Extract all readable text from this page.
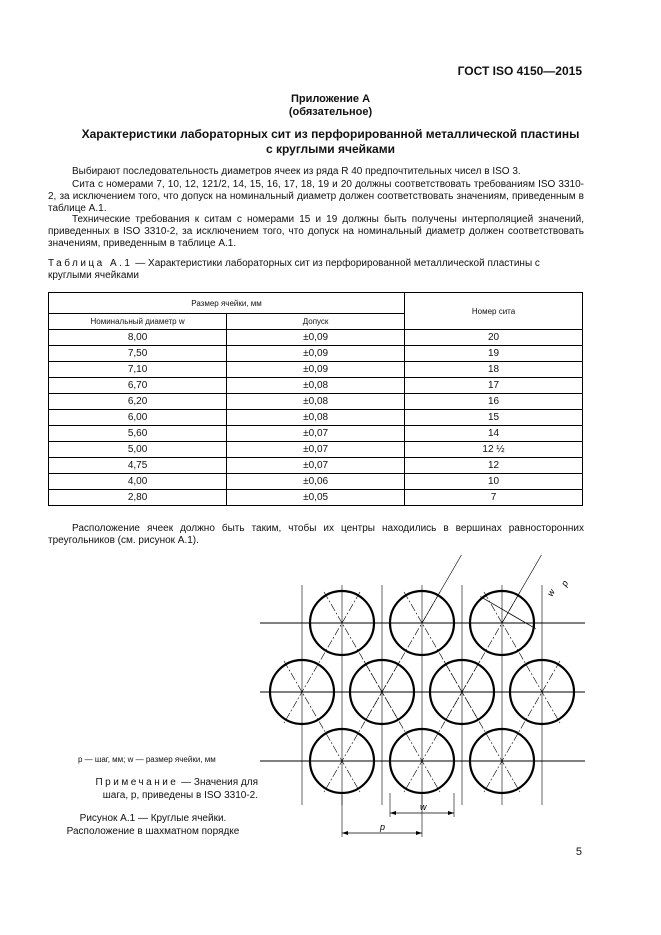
ГОСТ ISO 4150—2015
Приложение А
(обязательное)
Характеристики лабораторных сит из перфорированной металлической пластины
с круглыми ячейками
Выбирают последовательность диаметров ячеек из ряда R 40 предпочтительных чисел в ISO 3.
Сита с номерами 7, 10, 12, 121/2, 14, 15, 16, 17, 18, 19 и 20 должны соответствовать требованиям ISO 3310-2, за исключением того, что допуск на номинальный диаметр должен соответствовать значениям, приведенным в таблице А.1.
Технические требования к ситам с номерами 15 и 19 должны быть получены интерполяцией значений, приведенных в ISO 3310-2, за исключением того, что допуск на номинальный диаметр должен соответствовать значениям, приведенным в таблице А.1.
Таблица А.1 — Характеристики лабораторных сит из перфорированной металлической пластины с круглыми ячейками
Размер ячейки, мм		Номер сита
Номинальный диаметр w	Допуск	
8,00	±0,09	20
7,50	±0,09	19
7,10	±0,09	18
6,70	±0,08	17
6,20	±0,08	16
6,00	±0,08	15
5,60	±0,07	14
5,00	±0,07	12 ½
4,75	±0,07	12
4,00	±0,06	10
2,80	±0,05	7
Расположение ячеек должно быть таким, чтобы их центры находились в вершинах равносторонних треугольников (см. рисунок А.1).
w
p
w
p
p — шаг, мм; w — размер ячейки, мм
Примечание — Значения для шага, p, приведены в ISO 3310-2.
Рисунок А.1 — Круглые ячейки. Расположение в шахматном порядке
5
